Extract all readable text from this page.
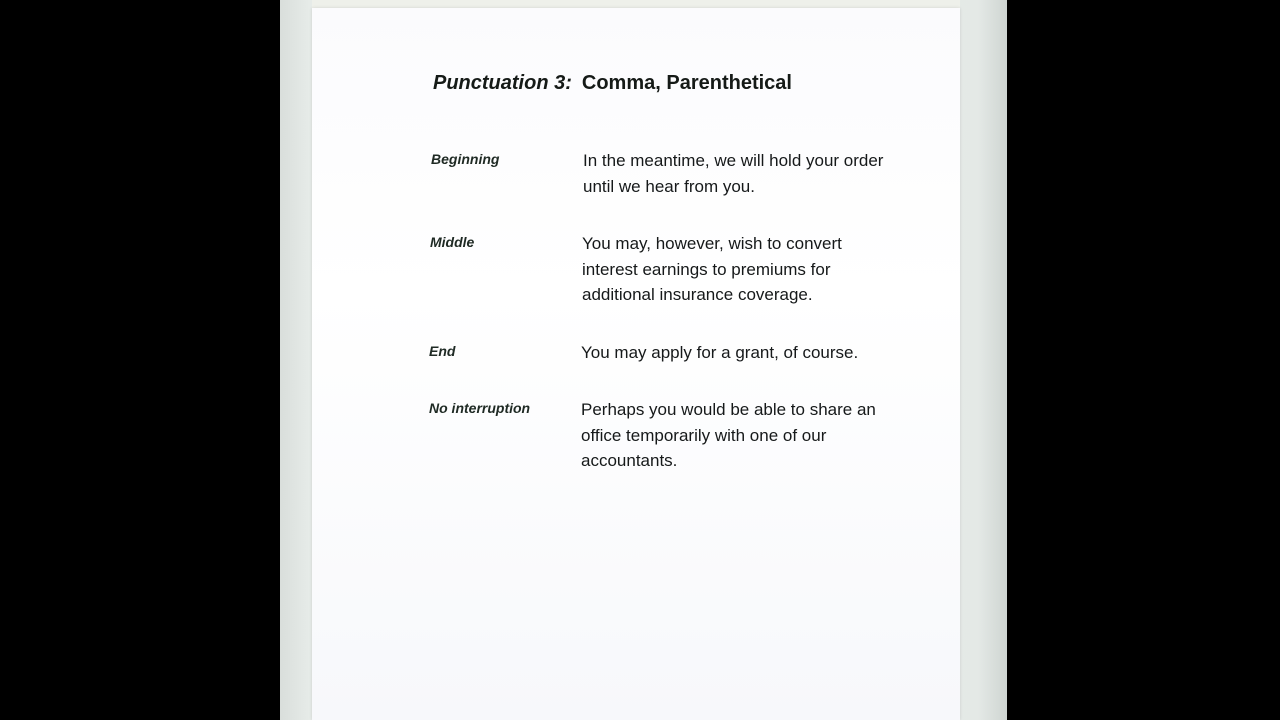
Punctuation 3: Comma, Parenthetical
Beginning	In the meantime, we will hold your order
until we hear from you.
Middle	You may, however, wish to convert
interest earnings to premiums for
additional insurance coverage.
End	You may apply for a grant, of course.
No interruption	Perhaps you would be able to share an
office temporarily with one of our
accountants.
